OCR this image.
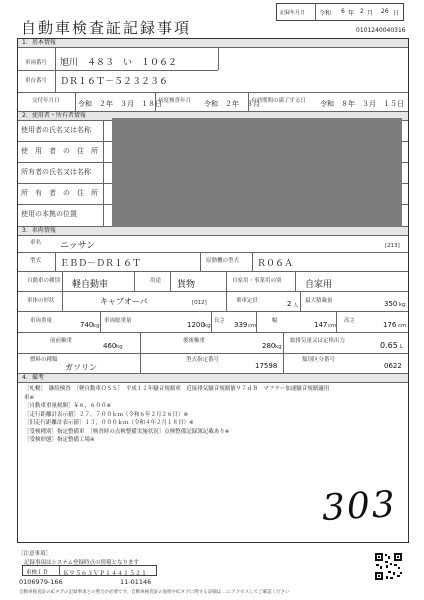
自動車検査証記録事項
記録年月日 令和 6 年 2 月 26 日
0101240040316
1．基本情報
車両番号 旭川　４８３　い　１０６２
車台番号 ＤＲ１６Ｔ－５２３２３６
交付年月日	令和　２年　３月　１８日
初度検査年月 令和　２年　３月
有効期間の満了する日 令和　８年　３月　１５日
2．使用者・所有者情報
使用者の氏名又は名称
使　用　者　の　住　所
所有者の氏名又は名称
所　有　者　の　住　所
使用の本拠の位置
3．車両情報
車名 ニッサン	[213]
型式 ＥＢＤ－ＤＲ１６Ｔ	原動機の型式 Ｒ０６Ａ
自動車の種別 軽自動車	用途 貨物	自家用・事業用の別	自家用
車体の形状	キャブオーバ	[012]	乗車定員	2 人
最大積載量	350 kg
車両重量	740 kg
車両総重量	1200 kg
長さ 339 cm
幅	147 cm
高さ	176 cm
前前軸重
460 kg
後後軸重
280 kg
総排気量又は定格出力	0.65 L
燃料の種類
ガソリン
型式指定番号
17598
類別区分番号
0622
4．備考
［札幌］　継続検査　［軽自動車ＯＳＳ］　平成１２年騒音規制車　近接排気騒音規制値９７ｄＢ　マフラー加速騒音規制適用
車※
［自動車重量税額］￥６，６００※
［走行距離計表示値］２７，７００ｋｍ（令和６年２月２６日）※
［旧走行距離計表示値］１３，０００ｋｍ（令和４年２月１８日）※
［受検種別］指定整備車　［検査時の点検整備実施状況］点検整備記録簿記載あり※
［受検形態］指定整備工場※
303
［注意事項］
記録事項はシステム登録時点の情報となります
車検ＩＤ Ｋ９５６３ＶＰ１４４１５２１
0106979-166	11-01146
自動車検査証のICタグの記録事項との照合が必要です。自動車検査証の参照やICタグに関する詳細は ...にアクセスしてご確認ください
